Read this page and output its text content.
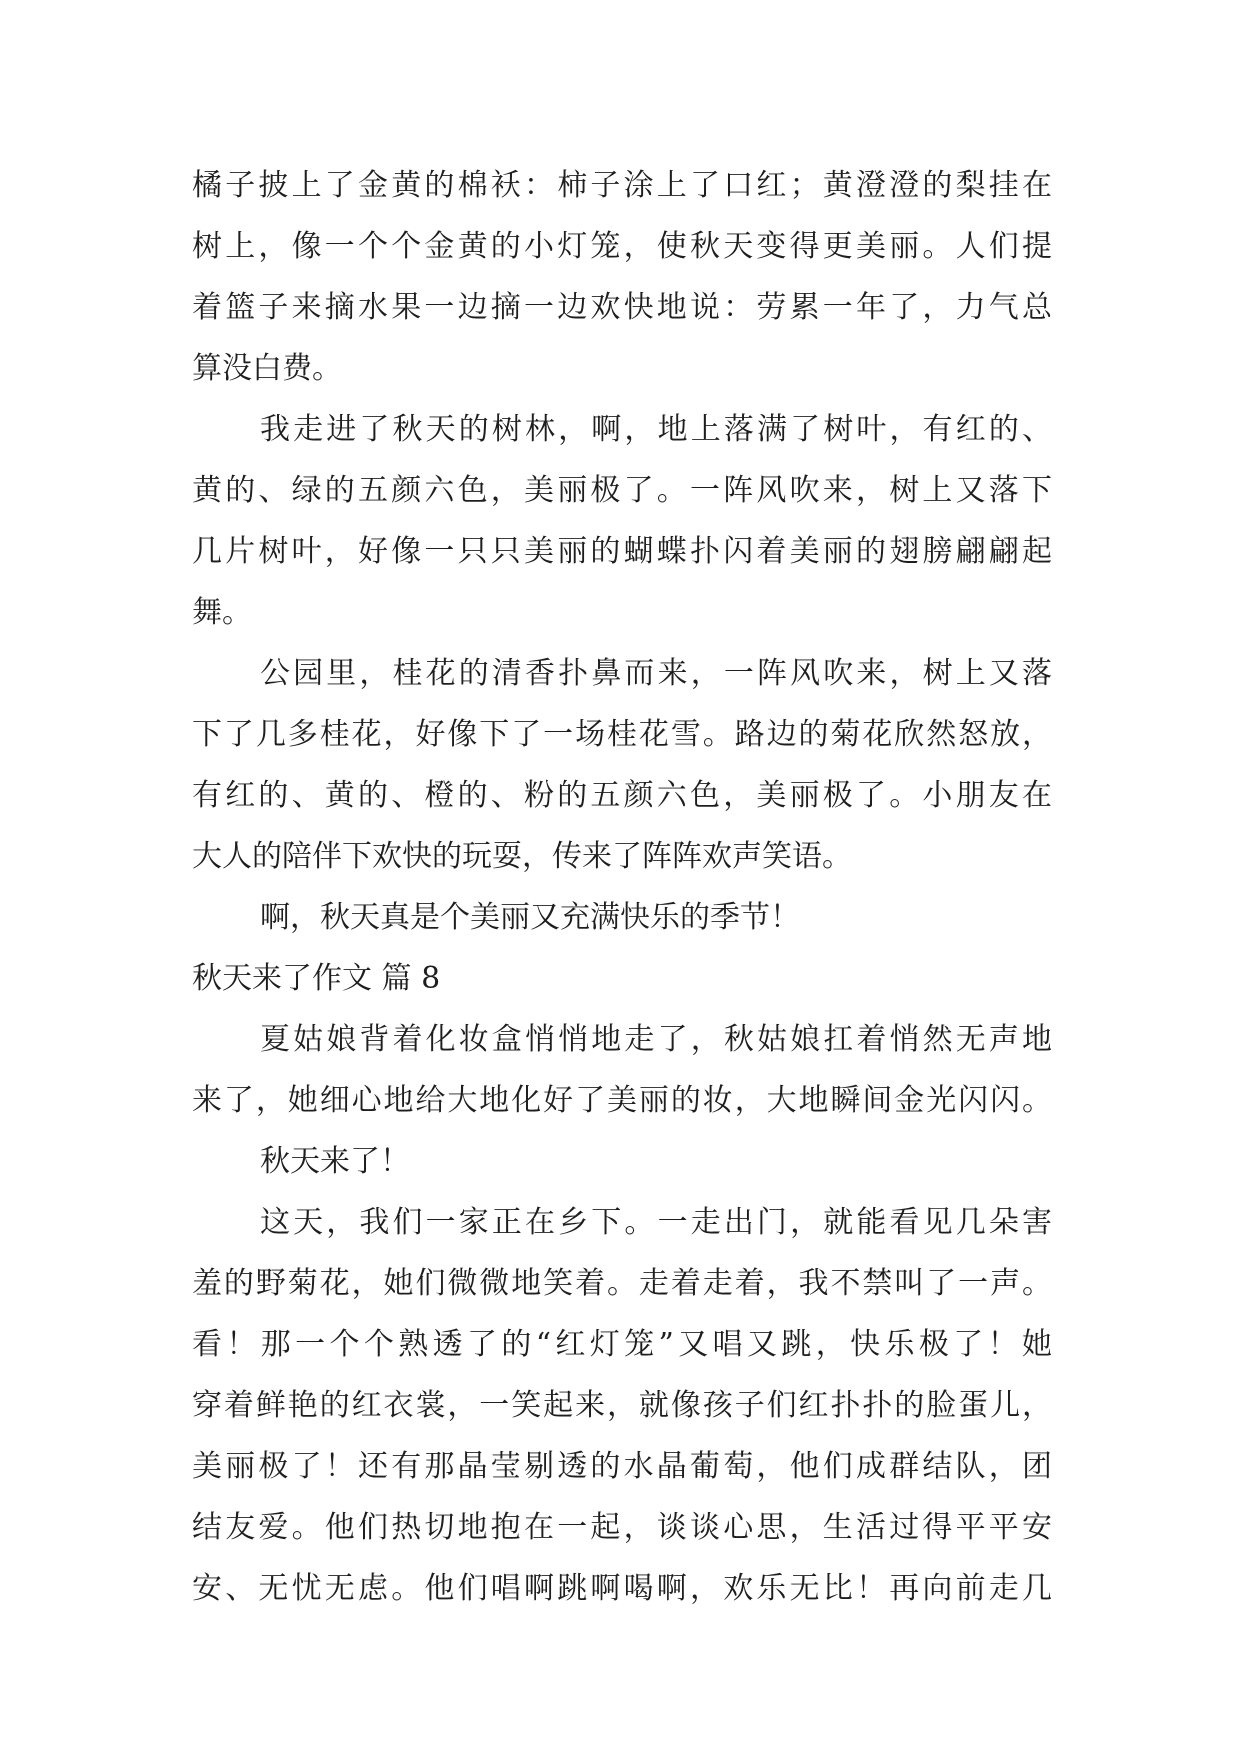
橘子披上了金黄的棉袄：柿子涂上了口红；黄澄澄的梨挂在
树上，像一个个金黄的小灯笼，使秋天变得更美丽。人们提
着篮子来摘水果一边摘一边欢快地说：劳累一年了，力气总
算没白费。
我走进了秋天的树林，啊，地上落满了树叶，有红的、
黄的、绿的五颜六色，美丽极了。一阵风吹来，树上又落下
几片树叶，好像一只只美丽的蝴蝶扑闪着美丽的翅膀翩翩起
舞。
公园里，桂花的清香扑鼻而来，一阵风吹来，树上又落
下了几多桂花，好像下了一场桂花雪。路边的菊花欣然怒放，
有红的、黄的、橙的、粉的五颜六色，美丽极了。小朋友在
大人的陪伴下欢快的玩耍，传来了阵阵欢声笑语。
啊，秋天真是个美丽又充满快乐的季节！
秋天来了作文 篇 8
夏姑娘背着化妆盒悄悄地走了，秋姑娘扛着悄然无声地
来了，她细心地给大地化好了美丽的妆，大地瞬间金光闪闪。
秋天来了！
这天，我们一家正在乡下。一走出门，就能看见几朵害
羞的野菊花，她们微微地笑着。走着走着，我不禁叫了一声。
看！那一个个熟透了的“红灯笼”又唱又跳，快乐极了！她
穿着鲜艳的红衣裳，一笑起来，就像孩子们红扑扑的脸蛋儿，
美丽极了！还有那晶莹剔透的水晶葡萄，他们成群结队，团
结友爱。他们热切地抱在一起，谈谈心思，生活过得平平安
安、无忧无虑。他们唱啊跳啊喝啊，欢乐无比！再向前走几
